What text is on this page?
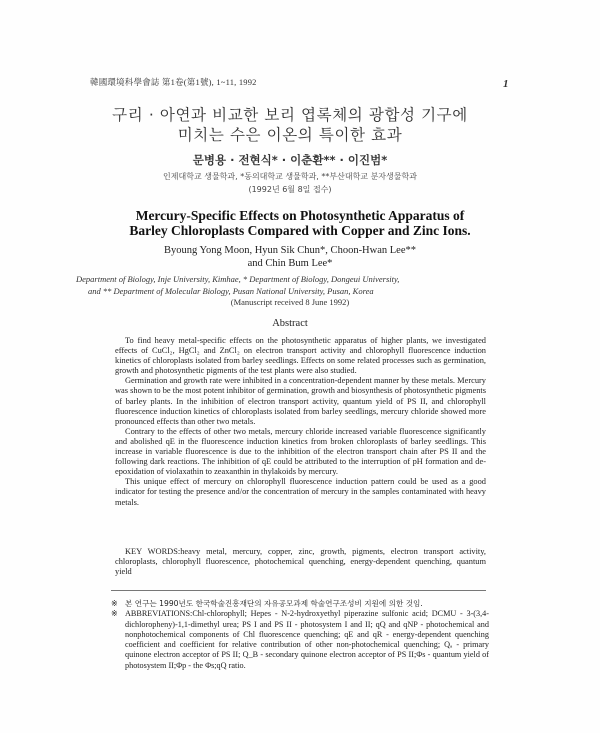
韓國環境科學會誌 第1卷(第1號), 1~11, 1992	1
구리 · 아연과 비교한 보리 엽록체의 광합성 기구에
미치는 수은 이온의 특이한 효과
문병용 · 전현식* · 이춘환** · 이진범*
인제대학교 생물학과, *동의대학교 생물학과, **부산대학교 분자생물학과
(1992년 6월 8일 접수)
Mercury-Specific Effects on Photosynthetic Apparatus of
Barley Chloroplasts Compared with Copper and Zinc Ions.
Byoung Yong Moon, Hyun Sik Chun*, Choon-Hwan Lee**
and Chin Bum Lee*
Department of Biology, Inje University, Kimhae, * Department of Biology, Dongeui University,
and ** Department of Molecular Biology, Pusan National University, Pusan, Korea
(Manuscript received 8 June 1992)
Abstract

To find heavy metal-specific effects on the photosynthetic apparatus of higher plants, we investigated effects of CuCl₂, HgCl₂ and ZnCl₂ on electron transport activity and chlorophyll fluorescence induction kinetics of chloroplasts isolated from barley seedlings. Effects on some related processes such as germination, growth and photosynthetic pigments of the test plants were also studied.

Germination and growth rate were inhibited in a concentration-dependent manner by these metals. Mercury was shown to be the most potent inhibitor of germination, growth and biosynthesis of photosynthetic pigments of barley plants. In the inhibition of electron transport activity, quantum yield of PS II, and chlorophyll fluorescence induction kinetics of chloroplasts isolated from barley seedlings, mercury chloride showed more pronounced effects than other two metals.

Contrary to the effects of other two metals, mercury chloride increased variable fluorescence significantly and abolished qE in the fluorescence induction kinetics from broken chloroplasts of barley seedlings. This increase in variable fluorescence is due to the inhibition of the electron transport chain after PS II and the following dark reactions. The inhibition of qE could be attributed to the interruption of pH formation and de-epoxidation of violaxathin to zeaxanthin in thylakoids by mercury.

This unique effect of mercury on chlorophyll fluorescence induction pattern could be used as a good indicator for testing the presence and/or the concentration of mercury in the samples contaminated with heavy metals.

KEY WORDS:heavy metal, mercury, copper, zinc, growth, pigments, electron transport activity, chloroplasts, chlorophyll fluorescence, photochemical quenching, energy-dependent quenching, quantum yield
※ 본 연구는 1990년도 한국학술진흥재단의 자유공모과제 학술연구조성비 지원에 의한 것임.
※ ABBREVIATIONS:Chl-chlorophyll; Hepes - N-2-hydroxyethyl piperazine sulfonic acid; DCMU - 3-(3,4-dichloropheny)-1,1-dimethyl urea; PS I and PS II - photosystem I and II; qQ and qNP - photochemical and nonphotochemical components of Chl fluorescence quenching; qE and qR - energy-dependent quenching coefficient and coefficient for relative contribution of other non-photochemical quenching; Qₐ - primary quinone electron acceptor of PS II; Q_B - secondary quinone electron acceptor of PS II;Φs - quantum yield of photosystem II;Φp - the Φs;qQ ratio.
